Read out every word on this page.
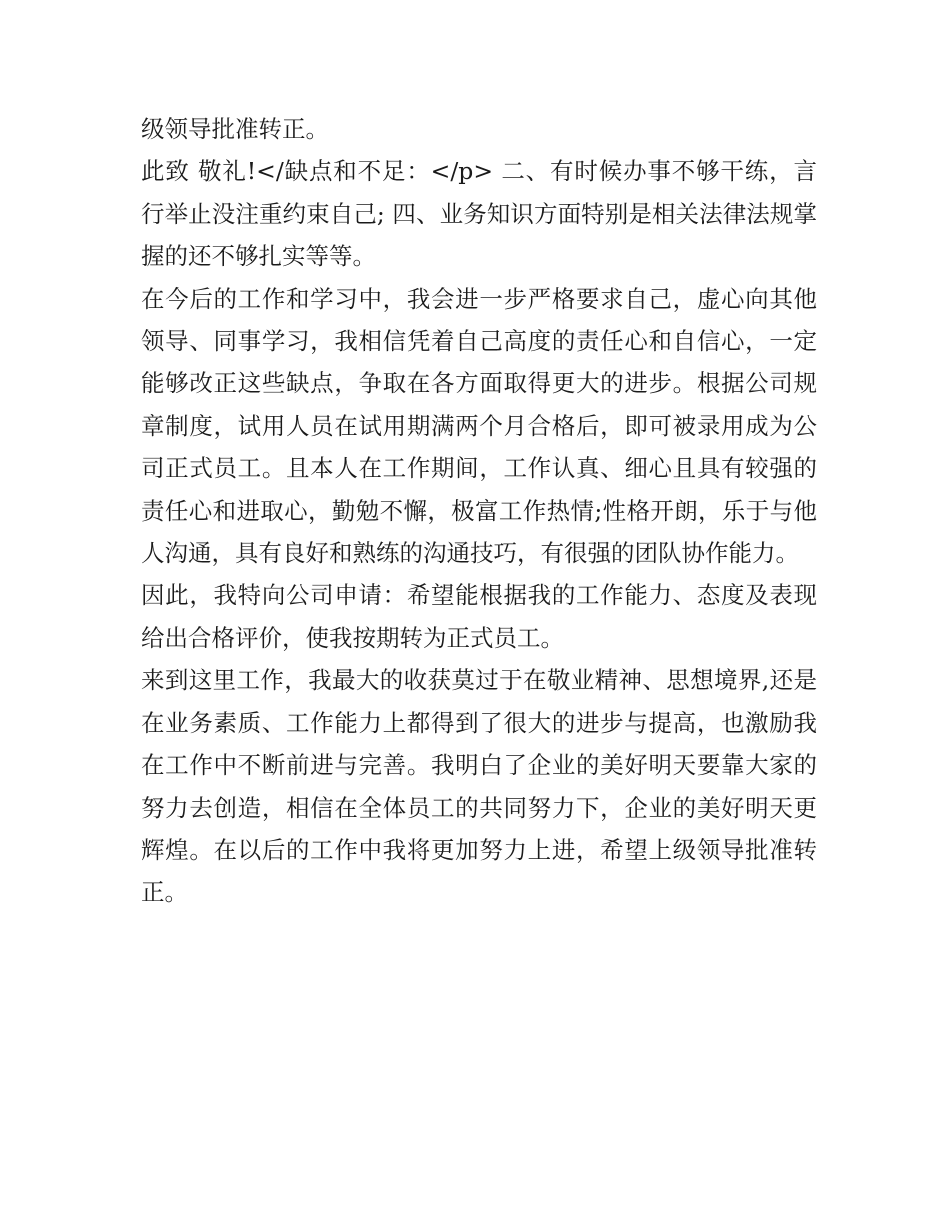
级领导批准转正。

此致 敬礼!</缺点和不足：</p> 二、有时候办事不够干练，言行举止没注重约束自己; 四、业务知识方面特别是相关法律法规掌握的还不够扎实等等。

在今后的工作和学习中，我会进一步严格要求自己，虚心向其他领导、同事学习，我相信凭着自己高度的责任心和自信心，一定能够改正这些缺点，争取在各方面取得更大的进步。根据公司规章制度，试用人员在试用期满两个月合格后，即可被录用成为公司正式员工。且本人在工作期间，工作认真、细心且具有较强的责任心和进取心，勤勉不懈，极富工作热情;性格开朗，乐于与他人沟通，具有良好和熟练的沟通技巧，有很强的团队协作能力。

因此，我特向公司申请：希望能根据我的工作能力、态度及表现给出合格评价，使我按期转为正式员工。

来到这里工作，我最大的收获莫过于在敬业精神、思想境界,还是在业务素质、工作能力上都得到了很大的进步与提高，也激励我在工作中不断前进与完善。我明白了企业的美好明天要靠大家的努力去创造，相信在全体员工的共同努力下，企业的美好明天更辉煌。在以后的工作中我将更加努力上进，希望上级领导批准转正。
